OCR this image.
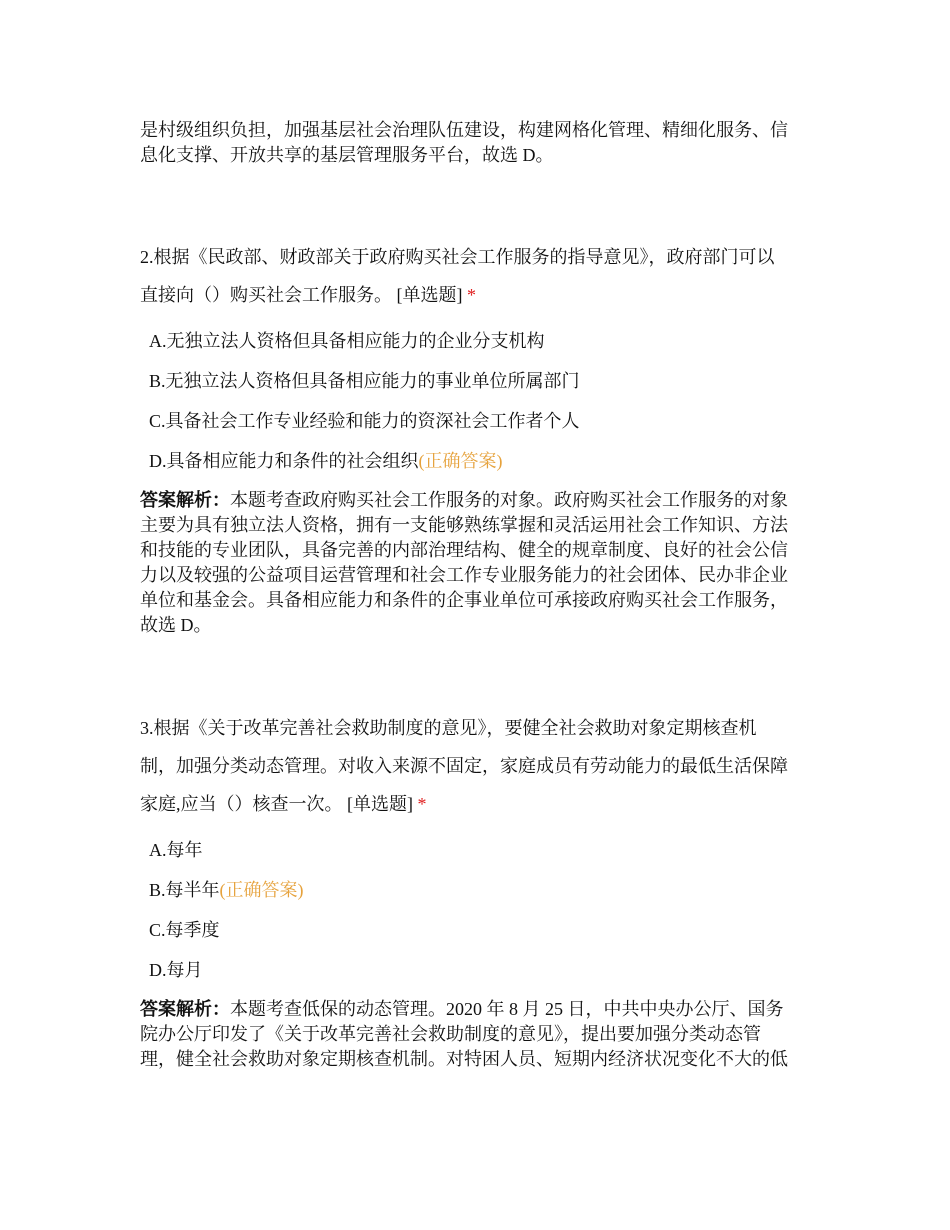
是村级组织负担，加强基层社会治理队伍建设，构建网格化管理、精细化服务、信
息化支撑、开放共享的基层管理服务平台，故选 D。
2.根据《民政部、财政部关于政府购买社会工作服务的指导意见》，政府部门可以
直接向（）购买社会工作服务。 [单选题] *
A.无独立法人资格但具备相应能力的企业分支机构
B.无独立法人资格但具备相应能力的事业单位所属部门
C.具备社会工作专业经验和能力的资深社会工作者个人
D.具备相应能力和条件的社会组织(正确答案)
答案解析：本题考查政府购买社会工作服务的对象。政府购买社会工作服务的对象
主要为具有独立法人资格，拥有一支能够熟练掌握和灵活运用社会工作知识、方法
和技能的专业团队，具备完善的内部治理结构、健全的规章制度、良好的社会公信
力以及较强的公益项目运营管理和社会工作专业服务能力的社会团体、民办非企业
单位和基金会。具备相应能力和条件的企事业单位可承接政府购买社会工作服务，
故选 D。
3.根据《关于改革完善社会救助制度的意见》，要健全社会救助对象定期核查机
制，加强分类动态管理。对收入来源不固定，家庭成员有劳动能力的最低生活保障
家庭,应当（）核查一次。 [单选题] *
A.每年
B.每半年(正确答案)
C.每季度
D.每月
答案解析：本题考查低保的动态管理。2020 年 8 月 25 日，中共中央办公厅、国务
院办公厅印发了《关于改革完善社会救助制度的意见》，提出要加强分类动态管
理，健全社会救助对象定期核查机制。对特困人员、短期内经济状况变化不大的低
